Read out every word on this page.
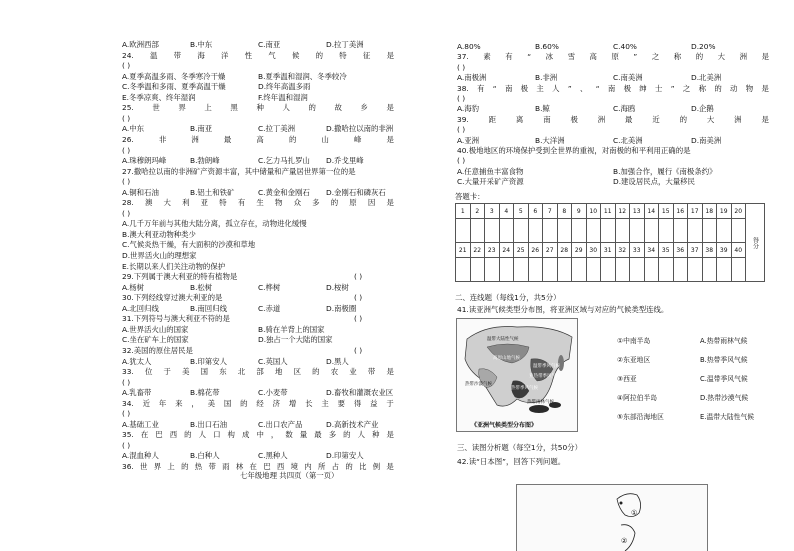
A.欧洲西部	B.中东	C.南亚	D.拉丁美洲
24. 温 带 海 洋 性 气 候 的 特 征 是
( )
A.夏季高温多雨、冬季寒冷干燥	B.夏季温和湿润、冬季较冷
C.冬季温和多雨、夏季高温干燥	D.终年高温多雨
E.冬季凉爽、终年湿润	F.终年温和湿润
25.	世	界	上	黑	种	人	的	故	乡	是
( )
A.中东	B.南亚	C.拉丁美洲	D.撒哈拉以南的非洲
26.	非	洲	最	高	的	山	峰	是
( )
A.珠穆朗玛峰	B.勃朗峰	C.乞力马扎罗山 D.乔戈里峰
27.撒哈拉以南的非洲矿产资源丰富，其中储量和产量居世界第一位的是
( )
A.铜和石油	B.铝土和铁矿	C.黄金和金刚石 D.金刚石和磷灰石
28. 澳 大 利 亚 特 有 生 物 众 多 的 原 因 是
( )
A.几千万年前与其他大陆分离，孤立存在，动物进化缓慢
B.澳大利亚动物种类少
C.气候炎热干燥，有大面积的沙漠和草地
D.世界活火山的理想家
E.长期以来人们关注动物的保护
29.下列属于澳大利亚的特有植物是	( )
A.杨树	B.松树	C.桦树	D.桉树
30.下列经线穿过澳大利亚的是	( )
A.北回归线	B.南回归线	C.赤道	D.南极圈
31.下列符号与澳大利亚不符的是	( )
A.世界活火山的国家	B.骑在羊背上的国家
C.坐在矿车上的国家	D.独占一个大陆的国家
32.美国的原住居民是	( )
A.犹太人	B.印第安人	C.英国人	D.黑人
33. 位 于 美 国 东 北 部 地 区 的 农 业 带 是
( )
A.乳畜带	B.棉花带	C.小麦带	D.畜牧和灌溉农业区
34. 近 年 来 ， 美 国 的 经 济 增 长 主 要 得 益 于
( )
A.基础工业	B.出口石油	C.出口农产品	D.高新技术产业
35. 在 巴 西 的 人 口 构 成 中 ， 数 量 最 多 的 人 种 是
( )
A.混血种人	B.白种人	C.黑种人	D.印第安人
36. 世 界 上 的 热 带 雨 林 在 巴 西 境 内 所 占 的 比 例 是
七年级地理 共四页（第一页）
A.80%	B.60%	C.40%	D.20%
37. 素 有 “ 冰 雪 高 原 ” 之 称 的 大 洲 是
( )
A.南极洲	B.非洲	C.南美洲	D.北美洲
38. 有 “ 南 极 主 人 ” 、 “ 南 极 绅 士 ” 之 称 的 动 物 是
( )
A.海豹	B.鲸	C.海鸥	D.企鹅
39.	距	离	南	极	洲	最	近	的	大	洲	是
( )
A.亚洲	B.大洋洲	C.北美洲	D.南美洲
40.极地地区的环境保护受到全世界的重视，对南极的和平利用正确的是
( )
A.任意捕鱼丰富食物	B.加强合作，履行《南极条约》
C.大量开采矿产资源	D.建设居民点，大量移民
答题卡：
1	2	3	4	5	6	7	8	9	10	11	12	13	14	15	16	17	18	19	20	得分

21	22	23	24	25	26	27	28	29	30	31	32	33	34	35	36	37	38	39	40	

二、连线题（每线1分，共5分）
41.读亚洲气候类型分布图，将亚洲区域与对应的气候类型连线。
温带大陆性气候
温带季风气候
亚热带季风气候
热带季风气候
热带雨林气候
热带沙漠气候
高原山地气候
《亚洲气候类型分布图》
①中南半岛
②东亚地区
③西亚
④阿拉伯半岛
⑤东部沿海地区
A.热带雨林气候
B.热带季风气候
C.温带季风气候
D.热带沙漠气候
E.温带大陆性气候
三、读图分析题（每空1分，共50分）
42.读“日本图”，回答下列问题。
①
②
